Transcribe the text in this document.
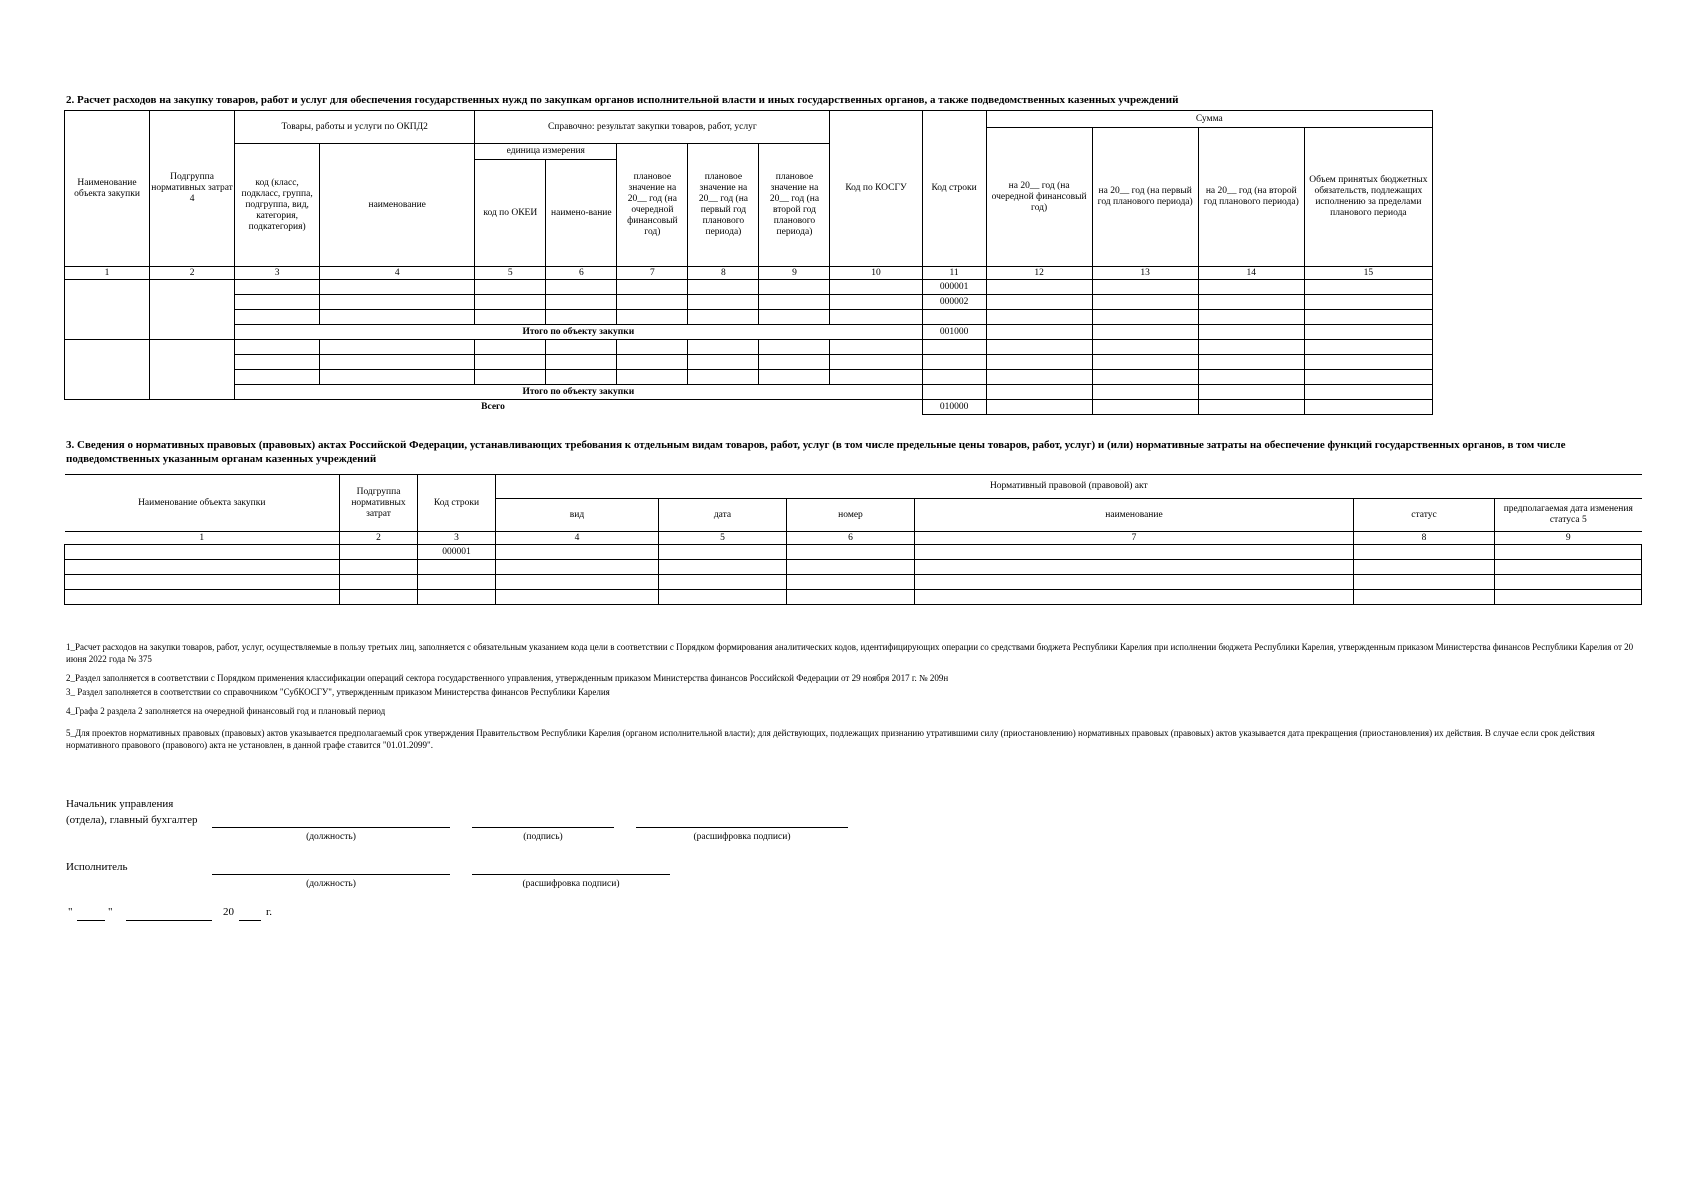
2. Расчет расходов на закупку товаров, работ и услуг для обеспечения государственных нужд по закупкам органов исполнительной власти и иных государственных органов, а также подведомственных казенных учреждений
Наименование объекта закупки	Подгруппа нормативных затрат 4	Товары, работы и услуги по ОКПД2		Справочно: результат закупки товаров, работ, услуг					Код по КОСГУ	Код строки	Сумма			
											на 20__ год (на очередной финансовый год)	на 20__ год (на первый год планового периода)	на 20__ год (на второй год планового периода)	Объем принятых бюджетных обязательств, подлежащих исполнению за пределами планового периода
		код (класс, подкласс, группа, подгруппа, вид, категория, подкатегория)	наименование	единица измерения		плановое значение на 20__ год (на очередной финансовый год)	плановое значение на 20__ год (на первый год планового периода)	плановое значение на 20__ год (на второй год планового периода)						
				код по ОКЕИ	наимено-вание									
1	2	3	4	5	6	7	8	9	10	11	12	13	14	15
										000001				
										000002				

		Итого по объекту закупки								001000				

		Итого по объекту закупки												
Всего										010000				
3. Сведения о нормативных правовых (правовых) актах Российской Федерации, устанавливающих требования к отдельным видам товаров, работ, услуг (в том числе предельные цены товаров, работ, услуг) и (или) нормативные затраты на обеспечение функций государственных органов, в том числе подведомственных указанным органам казенных учреждений
Наименование объекта закупки	Подгруппа нормативных затрат	Код строки	Нормативный правовой (правовой) акт					
			вид	дата	номер	наименование	статус	предполагаемая дата изменения статуса 5
1	2	3	4	5	6	7	8	9
		000001						

1_Расчет расходов на закупки товаров, работ, услуг, осуществляемые в пользу третьих лиц, заполняется с обязательным указанием кода цели в соответствии с Порядком формирования аналитических кодов, идентифицирующих операции со средствами бюджета Республики Карелия при исполнении бюджета Республики Карелия, утвержденным приказом Министерства финансов Республики Карелия от 20 июня 2022 года № 375
2_Раздел заполняется в соответствии с Порядком применения классификации операций сектора государственного управления, утвержденным приказом Министерства финансов Российской Федерации от 29 ноября 2017 г. № 209н
3_ Раздел заполняется в соответствии со справочником "СубКОСГУ", утвержденным приказом Министерства финансов Республики Карелия
4_Графа 2 раздела 2 заполняется на очередной финансовый год и плановый период
5_Для проектов нормативных правовых (правовых) актов указывается предполагаемый срок утверждения Правительством Республики Карелия (органом исполнительной власти); для действующих, подлежащих признанию утратившими силу (приостановлению) нормативных правовых (правовых) актов указывается дата прекращения (приостановления) их действия. В случае если срок действия нормативного правового (правового) акта не установлен, в данной графе ставится "01.01.2099".
Начальник управления
(отдела), главный бухгалтер
(должность)	(подпись)	(расшифровка подписи)
Исполнитель
(должность)	(расшифровка подписи)
"	"	20	г.
